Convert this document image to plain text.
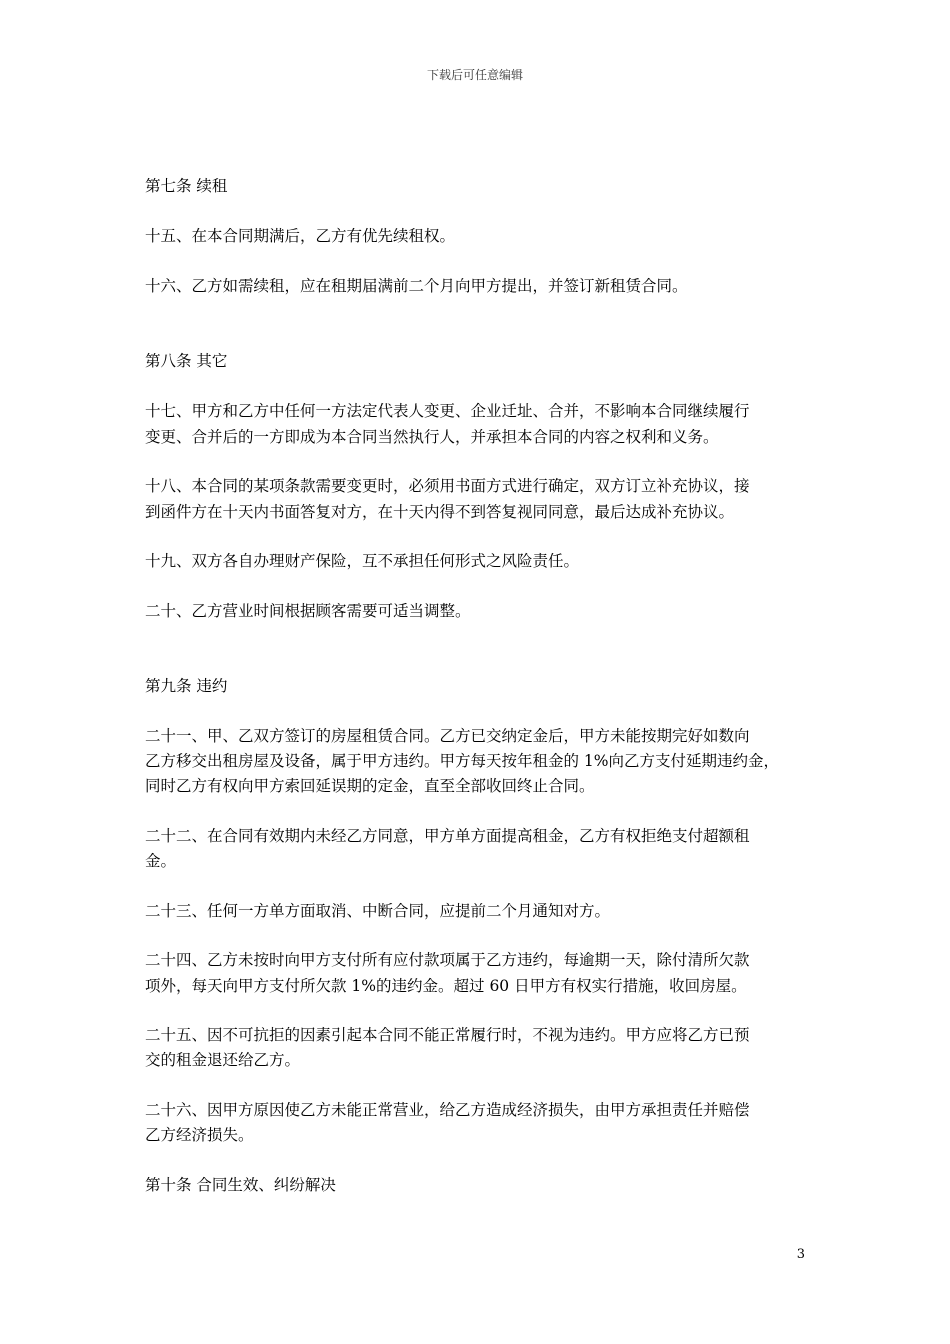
下载后可任意编辑
第七条 续租
十五、在本合同期满后，乙方有优先续租权。
十六、乙方如需续租，应在租期届满前二个月向甲方提出，并签订新租赁合同。
第八条 其它
十七、甲方和乙方中任何一方法定代表人变更、企业迁址、合并，不影响本合同继续履行
变更、合并后的一方即成为本合同当然执行人，并承担本合同的内容之权利和义务。
十八、本合同的某项条款需要变更时，必须用书面方式进行确定，双方订立补充协议，接
到函件方在十天内书面答复对方，在十天内得不到答复视同同意，最后达成补充协议。
十九、双方各自办理财产保险，互不承担任何形式之风险责任。
二十、乙方营业时间根据顾客需要可适当调整。
第九条 违约
二十一、甲、乙双方签订的房屋租赁合同。乙方已交纳定金后，甲方未能按期完好如数向
乙方移交出租房屋及设备，属于甲方违约。甲方每天按年租金的 1%向乙方支付延期违约金，
同时乙方有权向甲方索回延误期的定金，直至全部收回终止合同。
二十二、在合同有效期内未经乙方同意，甲方单方面提高租金，乙方有权拒绝支付超额租
金。
二十三、任何一方单方面取消、中断合同，应提前二个月通知对方。
二十四、乙方未按时向甲方支付所有应付款项属于乙方违约，每逾期一天，除付清所欠款
项外，每天向甲方支付所欠款 1%的违约金。超过 60 日甲方有权实行措施，收回房屋。
二十五、因不可抗拒的因素引起本合同不能正常履行时，不视为违约。甲方应将乙方已预
交的租金退还给乙方。
二十六、因甲方原因使乙方未能正常营业，给乙方造成经济损失，由甲方承担责任并赔偿
乙方经济损失。
第十条 合同生效、纠纷解决
3
